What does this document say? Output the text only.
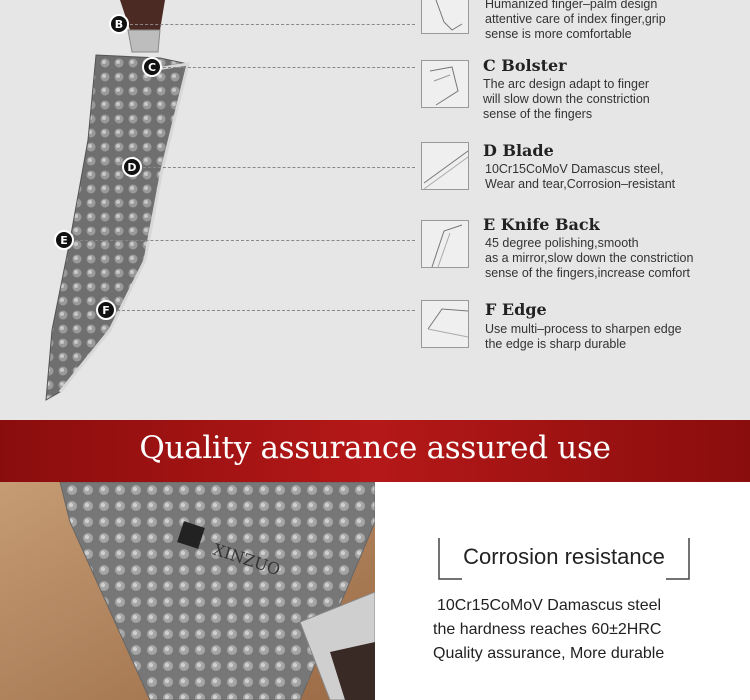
B
C
D
E
F
Humanized finger–palm design
attentive care of index finger,grip
sense is more comfortable
C Bolster
The arc design adapt to finger
will slow down the constriction
sense of the fingers
D Blade
10Cr15CoMoV Damascus steel,
Wear and tear,Corrosion–resistant
E Knife Back
45 degree polishing,smooth
as a mirror,slow down the constriction
sense of the fingers,increase comfort
F Edge
Use multi–process to sharpen edge
the edge is sharp durable
Quality assurance assured use
XINZUO	Corrosion resistance
10Cr15CoMoV Damascus steel
the hardness reaches 60±2HRC
Quality assurance, More durable
